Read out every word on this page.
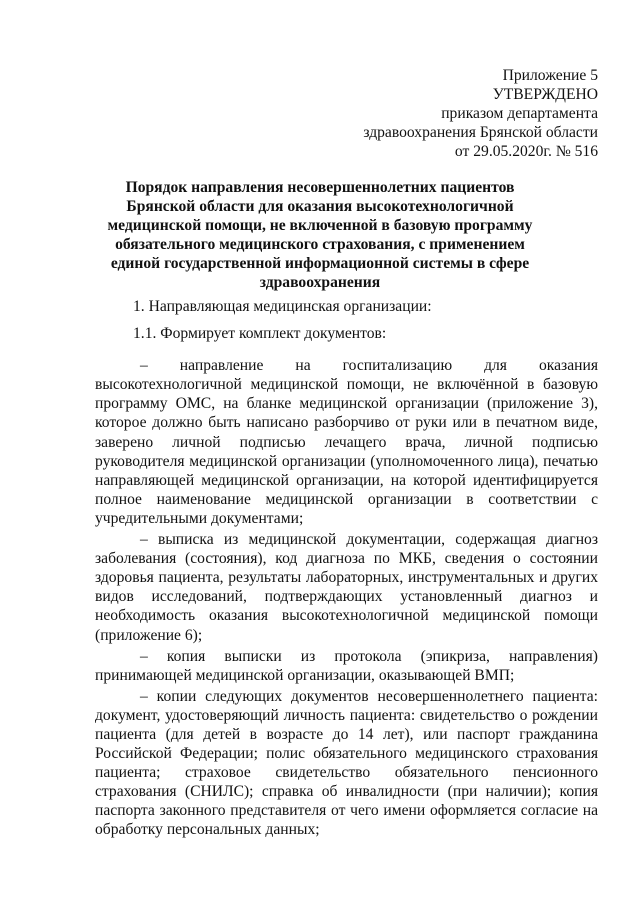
Приложение 5
УТВЕРЖДЕНО
приказом департамента
здравоохранения Брянской области
от 29.05.2020г. № 516
Порядок направления несовершеннолетних пациентов Брянской области для оказания высокотехнологичной медицинской помощи, не включенной в базовую программу обязательного медицинского страхования, с применением единой государственной информационной системы в сфере здравоохранения

1. Направляющая медицинская организации:

1.1. Формирует комплект документов:

– направление на госпитализацию для оказания высокотехнологичной медицинской помощи, не включённой в базовую программу ОМС, на бланке медицинской организации (приложение 3), которое должно быть написано разборчиво от руки или в печатном виде, заверено личной подписью лечащего врача, личной подписью руководителя медицинской организации (уполномоченного лица), печатью направляющей медицинской организации, на которой идентифицируется полное наименование медицинской организации в соответствии с учредительными документами;

– выписка из медицинской документации, содержащая диагноз заболевания (состояния), код диагноза по МКБ, сведения о состоянии здоровья пациента, результаты лабораторных, инструментальных и других видов исследований, подтверждающих установленный диагноз и необходимость оказания высокотехнологичной медицинской помощи (приложение 6);

– копия выписки из протокола (эпикриза, направления) принимающей медицинской организации, оказывающей ВМП;

– копии следующих документов несовершеннолетнего пациента: документ, удостоверяющий личность пациента: свидетельство о рождении пациента (для детей в возрасте до 14 лет), или паспорт гражданина Российской Федерации; полис обязательного медицинского страхования пациента; страховое свидетельство обязательного пенсионного страхования (СНИЛС); справка об инвалидности (при наличии); копия паспорта законного представителя от чего имени оформляется согласие на обработку персональных данных;
